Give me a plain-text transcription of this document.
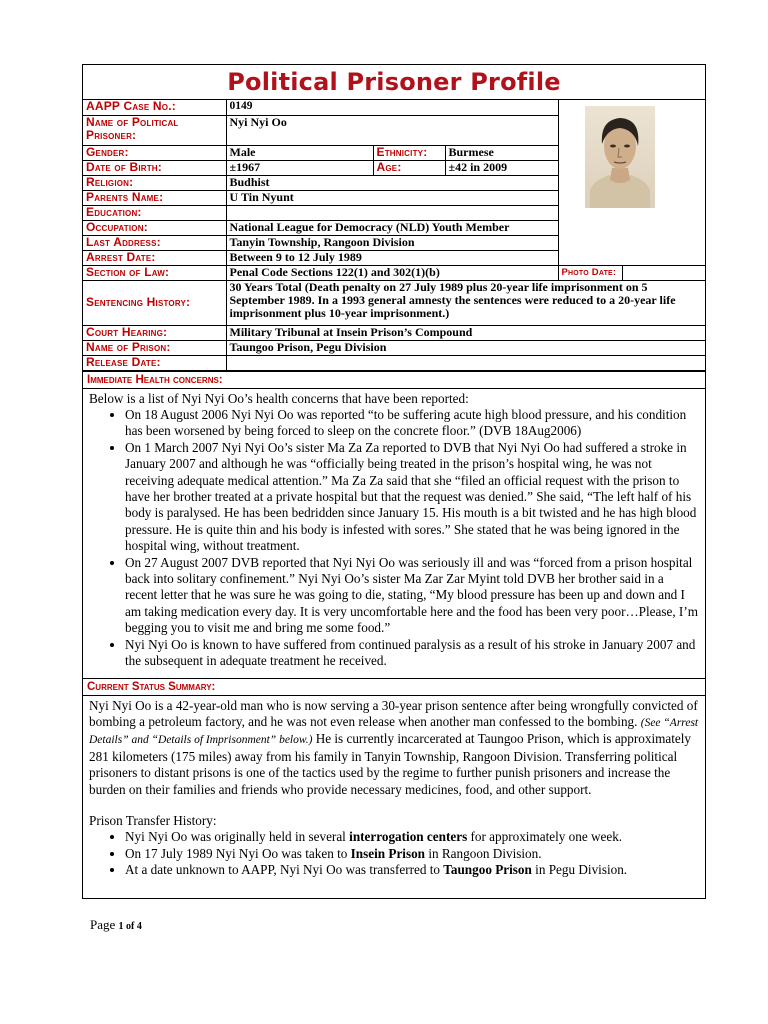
Political Prisoner Profile
AAPP Case No.:	0149	

Name of Political Prisoner:	Nyi Nyi Oo				
Gender:	Male	Ethnicity:	Burmese		
Date of Birth:	±1967	Age:	±42 in 2009		
Religion:	Budhist				
Parents Name:	U Tin Nyunt				
Education:					
Occupation:	National League for Democracy (NLD) Youth Member				
Last Address:	Tanyin Township, Rangoon Division				
Arrest Date:	Between 9 to 12 July 1989				
Section of Law:	Penal Code Sections 122(1) and 302(1)(b)			Photo Date:	
Sentencing History:	30 Years Total (Death penalty on 27 July 1989 plus 20-year life imprisonment on 5 September 1989. In a 1993 general amnesty the sentences were reduced to a 20-year life imprisonment plus 10-year imprisonment.)				
Court Hearing:	Military Tribunal at Insein Prison’s Compound				
Name of Prison:	Taungoo Prison, Pegu Division				
Release Date:					
Immediate Health concerns:

Below is a list of Nyi Nyi Oo’s health concerns that have been reported:

• On 18 August 2006 Nyi Nyi Oo was reported “to be suffering acute high blood pressure, and his condition has been worsened by being forced to sleep on the concrete floor.” (DVB 18Aug2006)
• On 1 March 2007 Nyi Nyi Oo’s sister Ma Za Za reported to DVB that Nyi Nyi Oo had suffered a stroke in January 2007 and although he was “officially being treated in the prison’s hospital wing, he was not receiving adequate medical attention.” Ma Za Za said that she “filed an official request with the prison to have her brother treated at a private hospital but that the request was denied.” She said, “The left half of his body is paralysed. He has been bedridden since January 15. His mouth is a bit twisted and he has high blood pressure. He is quite thin and his body is infested with sores.” She stated that he was being ignored in the hospital wing, without treatment.
• On 27 August 2007 DVB reported that Nyi Nyi Oo was seriously ill and was “forced from a prison hospital back into solitary confinement.” Nyi Nyi Oo’s sister Ma Zar Zar Myint told DVB her brother said in a recent letter that he was sure he was going to die, stating, “My blood pressure has been up and down and I am taking medication every day. It is very uncomfortable here and the food has been very poor…Please, I’m begging you to visit me and bring me some food.”
• Nyi Nyi Oo is known to have suffered from continued paralysis as a result of his stroke in January 2007 and the subsequent in adequate treatment he received.
Current Status Summary:

Nyi Nyi Oo is a 42-year-old man who is now serving a 30-year prison sentence after being wrongfully convicted of bombing a petroleum factory, and he was not even release when another man confessed to the bombing. (See “Arrest Details” and “Details of Imprisonment” below.) He is currently incarcerated at Taungoo Prison, which is approximately 281 kilometers (175 miles) away from his family in Tanyin Township, Rangoon Division. Transferring political prisoners to distant prisons is one of the tactics used by the regime to further punish prisoners and increase the burden on their families and friends who provide necessary medicines, food, and other support.

Prison Transfer History:

• Nyi Nyi Oo was originally held in several interrogation centers for approximately one week.
• On 17 July 1989 Nyi Nyi Oo was taken to Insein Prison in Rangoon Division.
• At a date unknown to AAPP, Nyi Nyi Oo was transferred to Taungoo Prison in Pegu Division.
Page 1 of 4
